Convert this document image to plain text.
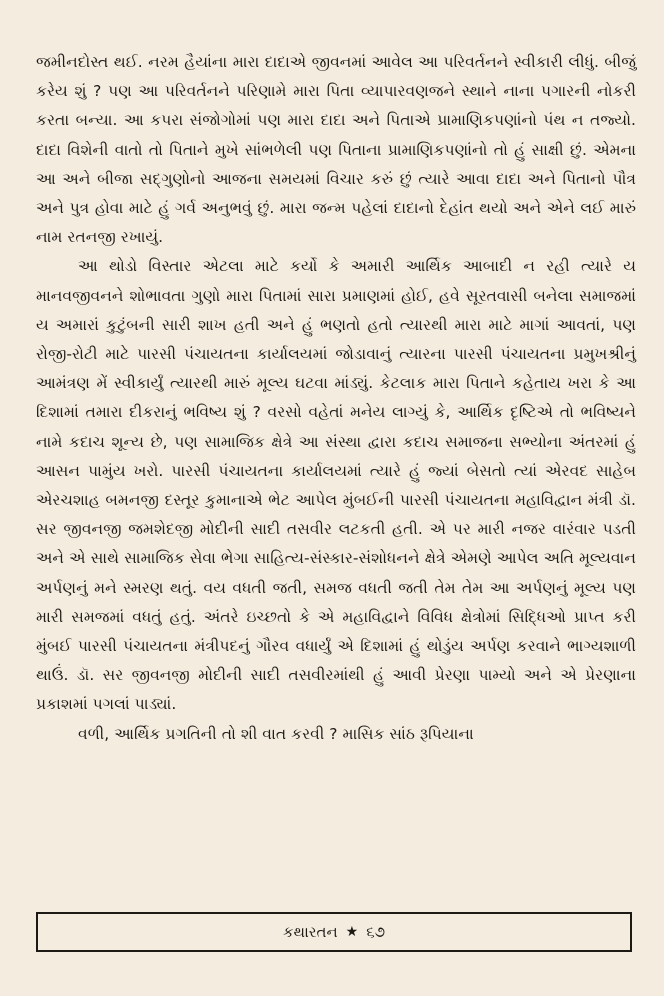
જમીનદોસ્ત થઈ. નરમ હૈયાંના મારા દાદાએ જીવનમાં આવેલ આ પરિવર્તનને સ્વીકારી લીધું. બીજું કરેય શું ? પણ આ પરિવર્તનને પરિણામે મારા પિતા વ્યાપારવણજને સ્થાને નાના પગારની નોકરી કરતા બન્યા. આ કપરા સંજોગોમાં પણ મારા દાદા અને પિતાએ પ્રામાણિકપણાંનો પંથ ન તજ્યો. દાદા વિશેની વાતો તો પિતાને મુખે સાંભળેલી પણ પિતાના પ્રામાણિકપણાંનો તો હું સાક્ષી છું. એમના આ અને બીજા સદ્‌ગુણોનો આજના સમયમાં વિચાર કરું છું ત્યારે આવા દાદા અને પિતાનો પૌત્ર અને પુત્ર હોવા માટે હું ગર્વ અનુભવું છું. મારા જન્મ પહેલાં દાદાનો દેહાંત થયો અને એને લઈ મારું નામ રતનજી રખાયું.

આ થોડો વિસ્તાર એટલા માટે કર્યો કે અમારી આર્થિક આબાદી ન રહી ત્યારે ય માનવજીવનને શોભાવતા ગુણો મારા પિતામાં સારા પ્રમાણમાં હોઈ, હવે સૂરતવાસી બનેલા સમાજમાં ય અમારાં કુટુંબની સારી શાખ હતી અને હું ભણતો હતો ત્યારથી મારા માટે માગાં આવતાં, પણ રોજી-રોટી માટે પારસી પંચાયતના કાર્યાલયમાં જોડાવાનું ત્યારના પારસી પંચાયતના પ્રમુખશ્રીનું આમંત્રણ મેં સ્વીકાર્યું ત્યારથી મારું મૂલ્ય ઘટવા માંડ્યું. કેટલાક મારા પિતાને કહેતાય ખરા કે આ દિશામાં તમારા દીકરાનું ભવિષ્ય શું ? વરસો વહેતાં મનેય લાગ્યું કે, આર્થિક દૃષ્ટિએ તો ભવિષ્યને નામે કદાચ શૂન્ય છે, પણ સામાજિક ક્ષેત્રે આ સંસ્થા દ્વારા કદાચ સમાજના સભ્યોના અંતરમાં હું આસન પામુંય ખરો. પારસી પંચાયતના કાર્યાલયમાં ત્યારે હું જ્યાં બેસતો ત્યાં એરવદ સાહેબ એરચશાહ બમનજી દસ્તૂર કુમાનાએ ભેટ આપેલ મુંબઈની પારસી પંચાયતના મહાવિદ્વાન મંત્રી ડૉ. સર જીવનજી જમશેદજી મોદીની સાદી તસવીર લટકતી હતી. એ પર મારી નજર વારંવાર પડતી અને એ સાથે સામાજિક સેવા ભેગા સાહિત્ય-સંસ્કાર-સંશોધનને ક્ષેત્રે એમણે આપેલ અતિ મૂલ્યવાન અર્પણનું મને સ્મરણ થતું. વય વધતી જતી, સમજ વધતી જતી તેમ તેમ આ અર્પણનું મૂલ્ય પણ મારી સમજમાં વધતું હતું. અંતરે ઇચ્છતો કે એ મહાવિદ્વાને વિવિધ ક્ષેત્રોમાં સિદ્ધિઓ પ્રાપ્ત કરી મુંબઈ પારસી પંચાયતના મંત્રીપદનું ગૌરવ વધાર્યું એ દિશામાં હું થોડુંય અર્પણ કરવાને ભાગ્યશાળી થાઉં. ડૉ. સર જીવનજી મોદીની સાદી તસવીરમાંથી હું આવી પ્રેરણા પામ્યો અને એ પ્રેરણાના પ્રકાશમાં પગલાં પાડ્યાં.

વળી, આર્થિક પ્રગતિની તો શી વાત કરવી ? માસિક સાંઠ રૂપિયાના

કથારતન ★ ૬૭
